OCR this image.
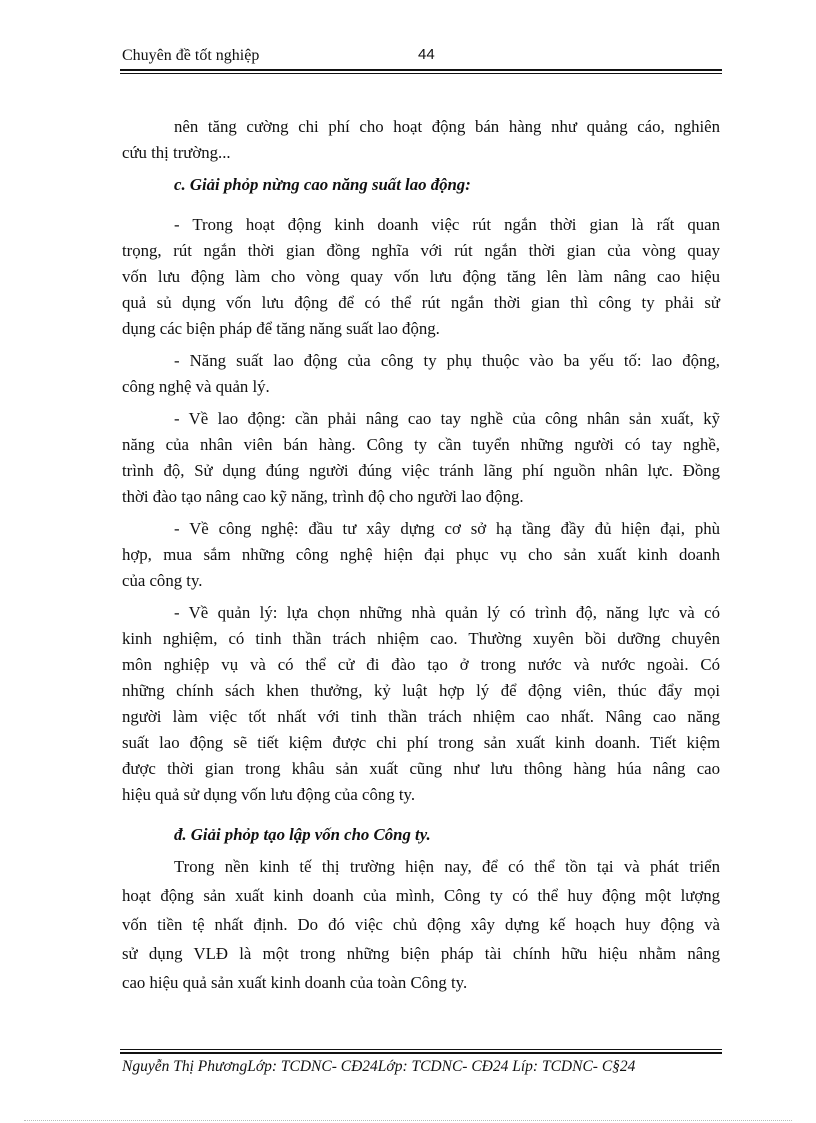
Chuyên đề tốt nghiệp	44
nên tăng cường chi phí cho hoạt động bán hàng như quảng cáo, nghiên
cứu thị trường...
c. Giải phỏp nừng cao năng suất lao động:
- Trong hoạt động kinh doanh việc rút ngắn thời gian là rất quan
trọng, rút ngắn thời gian đồng nghĩa với rút ngắn thời gian của vòng quay
vốn lưu động làm cho vòng quay vốn lưu động tăng lên làm nâng cao hiệu
quả sủ dụng vốn lưu động để có thể rút ngắn thời gian thì công ty phải sử
dụng các biện pháp để tăng năng suất lao động.
- Năng suất lao động của công ty phụ thuộc vào ba yếu tố: lao động,
công nghệ và quản lý.
- Về lao động: cần phải nâng cao tay nghề của công nhân sản xuất, kỹ
năng của nhân viên bán hàng. Công ty cần tuyển những người có tay nghề,
trình độ, Sử dụng đúng người đúng việc tránh lãng phí nguồn nhân lực. Đồng
thời đào tạo nâng cao kỹ năng, trình độ cho người lao động.
- Về công nghệ: đầu tư xây dựng cơ sở hạ tầng đầy đủ hiện đại, phù
hợp, mua sắm những công nghệ hiện đại phục vụ cho sản xuất kinh doanh
của công ty.
- Về quản lý: lựa chọn những nhà quản lý có trình độ, năng lực và có
kinh nghiệm, có tinh thần trách nhiệm cao. Thường xuyên bồi dưỡng chuyên
môn nghiệp vụ và có thể cử đi đào tạo ở trong nước và nước ngoài. Có
những chính sách khen thưởng, kỷ luật hợp lý để động viên, thúc đẩy mọi
người làm việc tốt nhất với tinh thần trách nhiệm cao nhất. Nâng cao năng
suất lao động sẽ tiết kiệm được chi phí trong sản xuất kinh doanh. Tiết kiệm
được thời gian trong khâu sản xuất cũng như lưu thông hàng húa nâng cao
hiệu quả sử dụng vốn lưu động của công ty.
đ. Giải phỏp tạo lập vốn cho Công ty.
Trong nền kinh tế thị trường hiện nay, để có thể tồn tại và phát triển
hoạt động sản xuất kinh doanh của mình, Công ty có thể huy động một lượng
vốn tiền tệ nhất định. Do đó việc chủ động xây dựng kế hoạch huy động và
sử dụng VLĐ là một trong những biện pháp tài chính hữu hiệu nhằm nâng
cao hiệu quả sản xuất kinh doanh của toàn Công ty.
Nguyễn Thị PhươngLớp: TCDNC- CĐ24Lớp: TCDNC- CĐ24 Líp: TCDNC- C§24
